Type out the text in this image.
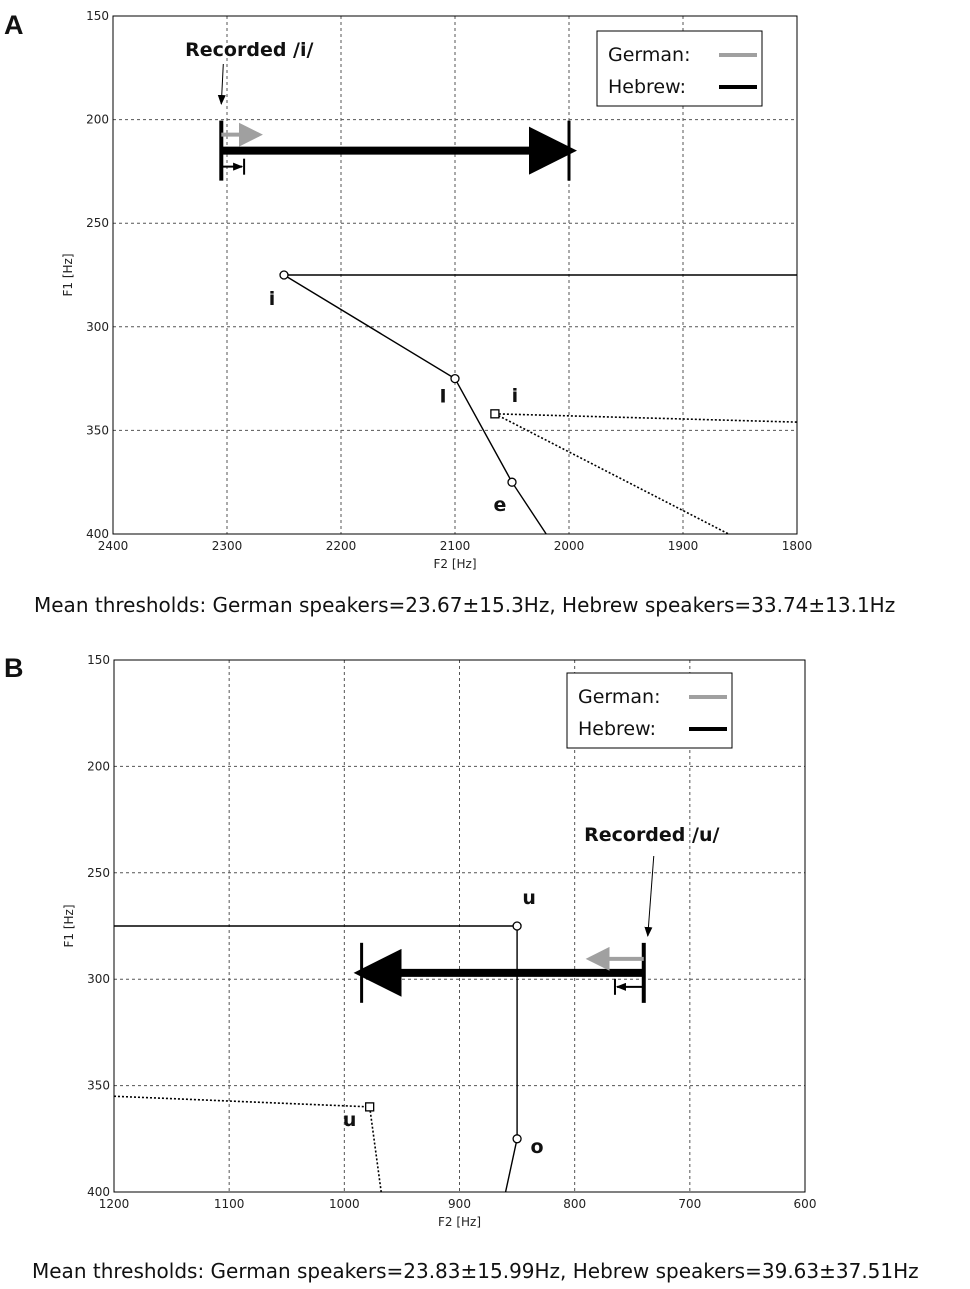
A
2400	2300	2200	2100	2000	1900	1800
150
200
250
300
350
400
F2 [Hz]
F1 [Hz]
i
I
e
i
Recorded /i/	German:
Hebrew:
Mean thresholds: German speakers=23.67±15.3Hz, Hebrew speakers=33.74±13.1Hz
B
1200	1100	1000	900	800	700	600
150
200
250
300
350
400
F2 [Hz]
F1 [Hz]
u
o
u
Recorded /u/
German:
Hebrew:
Mean thresholds: German speakers=23.83±15.99Hz, Hebrew speakers=39.63±37.51Hz
